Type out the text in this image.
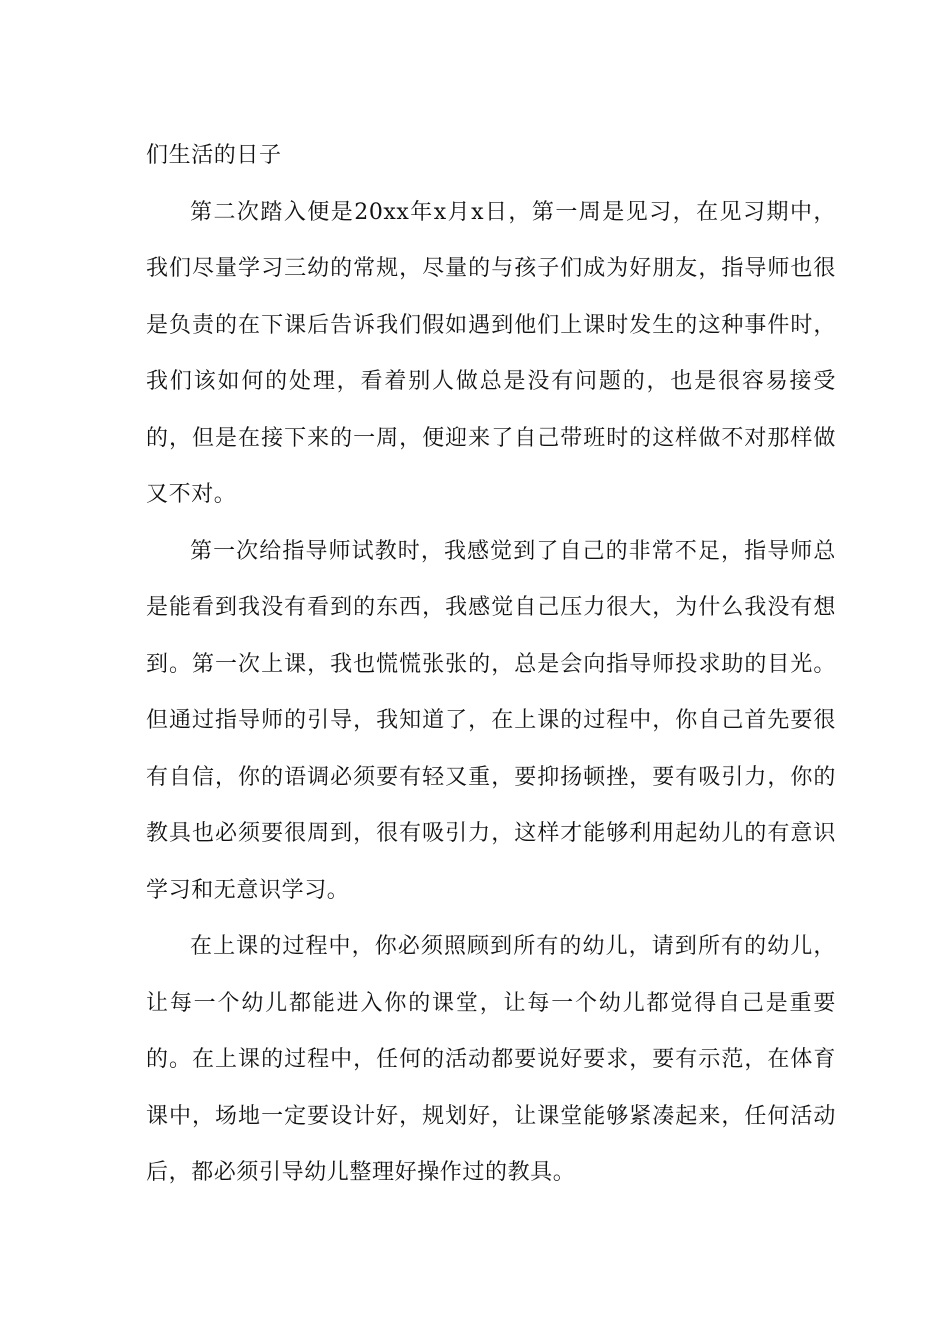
们生活的日子

第二次踏入便是20xx年x月x日，第一周是见习，在见习期中，我们尽量学习三幼的常规，尽量的与孩子们成为好朋友，指导师也很是负责的在下课后告诉我们假如遇到他们上课时发生的这种事件时，我们该如何的处理，看着别人做总是没有问题的，也是很容易接受的，但是在接下来的一周，便迎来了自己带班时的这样做不对那样做又不对。

第一次给指导师试教时，我感觉到了自己的非常不足，指导师总是能看到我没有看到的东西，我感觉自己压力很大，为什么我没有想到。第一次上课，我也慌慌张张的，总是会向指导师投求助的目光。但通过指导师的引导，我知道了，在上课的过程中，你自己首先要很有自信，你的语调必须要有轻又重，要抑扬顿挫，要有吸引力，你的教具也必须要很周到，很有吸引力，这样才能够利用起幼儿的有意识学习和无意识学习。

在上课的过程中，你必须照顾到所有的幼儿，请到所有的幼儿，让每一个幼儿都能进入你的课堂，让每一个幼儿都觉得自己是重要的。在上课的过程中，任何的活动都要说好要求，要有示范，在体育课中，场地一定要设计好，规划好，让课堂能够紧凑起来，任何活动后，都必须引导幼儿整理好操作过的教具。
